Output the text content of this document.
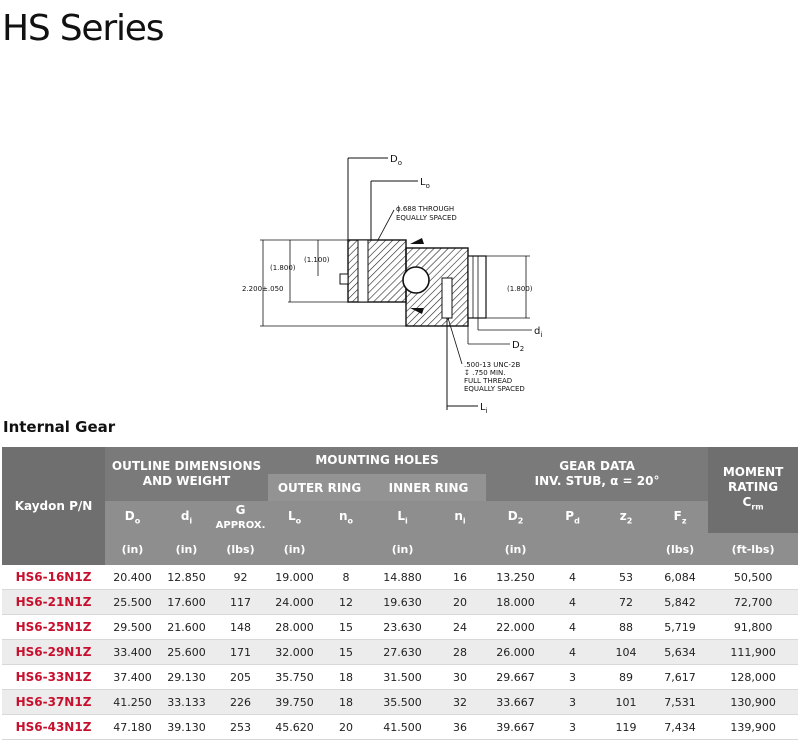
HS Series
$D_o$
$L_o$
ϕ.688 THROUGH
EQUALLY SPACED
2.200±.050
(1.800)
(1.100)
(1.800)
$d_i$
$D_2$
.500-13 UNC-2B
↧ .750 MIN.
FULL THREAD
EQUALLY SPACED
$L_i$
Internal Gear
Kaydon P/N	OUTLINE DIMENSIONS
AND WEIGHT			MOUNTING HOLES				GEAR DATA
INV. STUB, α = 20°				MOMENT
RATING
$C_{rm}$
				OUTER RING		INNER RING						
	$D_o$	$d_i$	G
APPROX.	$L_o$	$n_o$	$L_i$	$n_i$	$D_2$	$P_d$	$z_2$	$F_z$
	(in)	(in)	(lbs)	(in)		(in)		(in)			(lbs)	(ft-lbs)
HS6-16N1Z	20.400	12.850	92	19.000	8	14.880	16	13.250	4	53	6,084	50,500
HS6-21N1Z	25.500	17.600	117	24.000	12	19.630	20	18.000	4	72	5,842	72,700
HS6-25N1Z	29.500	21.600	148	28.000	15	23.630	24	22.000	4	88	5,719	91,800
HS6-29N1Z	33.400	25.600	171	32.000	15	27.630	28	26.000	4	104	5,634	111,900
HS6-33N1Z	37.400	29.130	205	35.750	18	31.500	30	29.667	3	89	7,617	128,000
HS6-37N1Z	41.250	33.133	226	39.750	18	35.500	32	33.667	3	101	7,531	130,900
HS6-43N1Z	47.180	39.130	253	45.620	20	41.500	36	39.667	3	119	7,434	139,900
